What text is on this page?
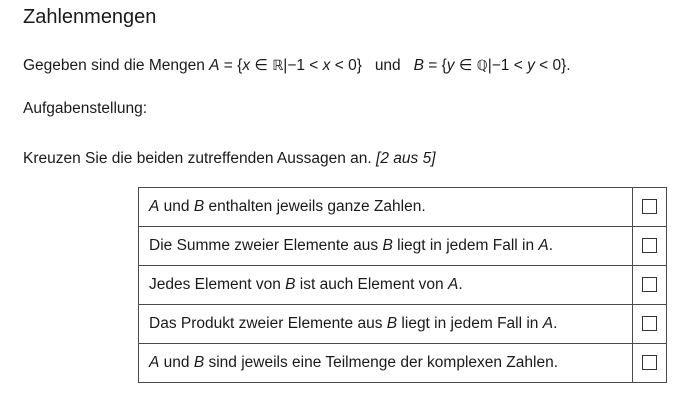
Zahlenmengen
Gegeben sind die Mengen A = {x ∈ ℝ|−1 < x < 0}   und   B = {y ∈ ℚ|−1 < y < 0}.
Aufgabenstellung:
Kreuzen Sie die beiden zutreffenden Aussagen an. [2 aus 5]
A und B enthalten jeweils ganze Zahlen.	
Die Summe zweier Elemente aus B liegt in jedem Fall in A.	
Jedes Element von B ist auch Element von A.	
Das Produkt zweier Elemente aus B liegt in jedem Fall in A.	
A und B sind jeweils eine Teilmenge der komplexen Zahlen.	
